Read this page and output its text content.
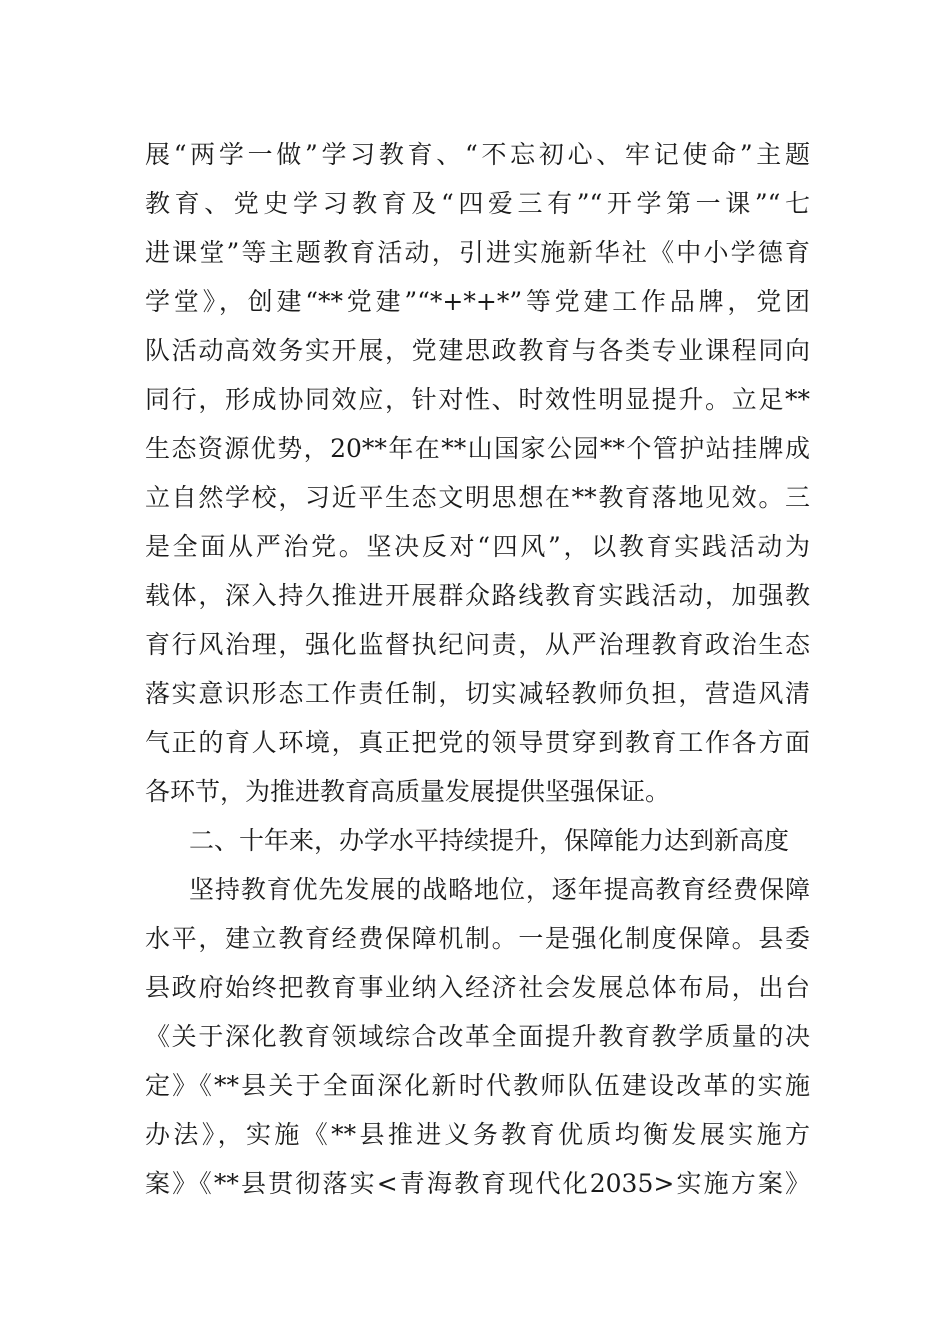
展“两学一做”学习教育、“不忘初心、牢记使命”主题
教育、党史学习教育及“四爱三有”“开学第一课”“七
进课堂”等主题教育活动，引进实施新华社《中小学德育
学堂》，创建“**党建”“*+*+*”等党建工作品牌，党团
队活动高效务实开展，党建思政教育与各类专业课程同向
同行，形成协同效应，针对性、时效性明显提升。立足**
生态资源优势，20**年在**山国家公园**个管护站挂牌成
立自然学校，习近平生态文明思想在**教育落地见效。三
是全面从严治党。坚决反对“四风”，以教育实践活动为
载体，深入持久推进开展群众路线教育实践活动，加强教
育行风治理，强化监督执纪问责，从严治理教育政治生态
落实意识形态工作责任制，切实减轻教师负担，营造风清
气正的育人环境，真正把党的领导贯穿到教育工作各方面
各环节，为推进教育高质量发展提供坚强保证。
二、十年来，办学水平持续提升，保障能力达到新高度
坚持教育优先发展的战略地位，逐年提高教育经费保障
水平，建立教育经费保障机制。一是强化制度保障。县委
县政府始终把教育事业纳入经济社会发展总体布局，出台
《关于深化教育领域综合改革全面提升教育教学质量的决
定》《**县关于全面深化新时代教师队伍建设改革的实施
办法》，实施《**县推进义务教育优质均衡发展实施方
案》《**县贯彻落实<青海教育现代化2035>实施方案》
